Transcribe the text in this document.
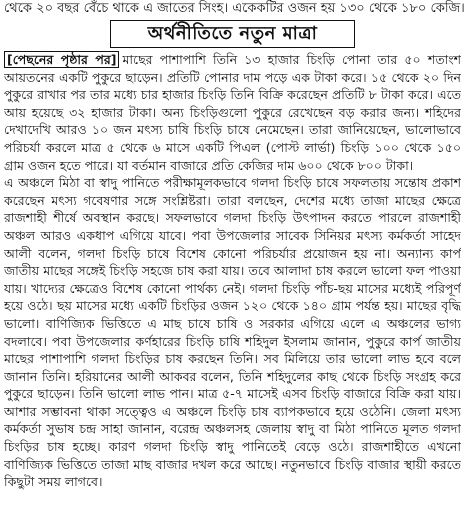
থেকে ২০ বছর বেঁচে থাকে এ জাতের সিংহ। একেকটির ওজন হয় ১৩০ থেকে ১৮০ কেজি।
অর্থনীতিতে নতুন মাত্রা

[পেছনের পৃষ্ঠার পর] মাছের পাশাপাশি তিনি ১৩ হাজার চিংড়ি পোনা তার ৫০ শতাংশ আয়তনের একটি পুকুরে ছাড়েন। প্রতিটি পোনার দাম পড়ে এক টাকা করে। ১৫ থেকে ২০ দিন পুকুরে রাখার পর তার মধ্যে চার হাজার চিংড়ি তিনি বিক্রি করেছেন প্রতিটি ৮ টাকা করে। এতে আয় হয়েছে ৩২ হাজার টাকা। অন্য চিংড়িগুলো পুকুরে রেখেছেন বড় করার জন্য। শহিদের দেখাদেখি আরও ১০ জন মৎস্য চাষি চিংড়ি চাষে নেমেছেন। তারা জানিয়েছেন, ভালোভাবে পরিচর্যা করলে মাত্র ৫ থেকে ৬ মাসে একটি পিএল (পোস্ট লার্ভা) চিংড়ি ১০০ থেকে ১৫০ গ্রাম ওজন হতে পারে। যা বর্তমান বাজারে প্রতি কেজির দাম ৬০০ থেকে ৮০০ টাকা।

এ অঞ্চলে মিঠা বা স্বাদু পানিতে পরীক্ষামূলকভাবে গলদা চিংড়ি চাষে সফলতায় সন্তোষ প্রকাশ করেছেন মৎস্য গবেষণার সঙ্গে সংশ্লিষ্টরা। তারা বলছেন, দেশের মধ্যে তাজা মাছের ক্ষেত্রে রাজশাহী শীর্ষে অবস্থান করছে। সফলভাবে গলদা চিংড়ি উৎপাদন করতে পারলে রাজশাহী অঞ্চল আরও একধাপ এগিয়ে যাবে। পবা উপজেলার সাবেক সিনিয়র মৎস্য কর্মকর্তা সাহেদ আলী বলেন, গলদা চিংড়ি চাষে বিশেষ কোনো পরিচর্যার প্রয়োজন হয় না। অন্যান্য কার্প জাতীয় মাছের সঙ্গেই চিংড়ি সহজে চাষ করা যায়। তবে আলাদা চাষ করলে ভালো ফল পাওয়া যায়। খাদ্যের ক্ষেত্রেও বিশেষ কোনো পার্থক্য নেই। গলদা চিংড়ি পাঁচ-ছয় মাসের মধ্যেই পরিপূর্ণ হয়ে ওঠে। ছয় মাসের মধ্যে একটি চিংড়ির ওজন ১২০ থেকে ১৪০ গ্রাম পর্যন্ত হয়। মাছের বৃদ্ধি ভালো। বাণিজ্যিক ভিত্তিতে এ মাছ চাষে চাষি ও সরকার এগিয়ে এলে এ অঞ্চলের ভাগ্য বদলাবে। পবা উপজেলার কর্ণহারের চিংড়ি চাষি শহিদুল ইসলাম জানান, পুকুরে কার্প জাতীয় মাছের পাশাপাশি গলদা চিংড়ির চাষ করছেন তিনি। সব মিলিয়ে তার ভালো লাভ হবে বলে জানান তিনি। হরিয়ানের আলী আকবর বলেন, তিনি শহিদুলের কাছ থেকে চিংড়ি সংগ্রহ করে পুকুরে ছাড়েন। তিনি ভালো লাভ পান। মাত্র ৫-৭ মাসেই এসব চিংড়ি বাজারে বিক্রি করা যায়। আশার সম্ভাবনা থাকা সত্ত্বেও এ অঞ্চলে চিংড়ি চাষ ব্যাপকভাবে হয়ে ওঠেনি। জেলা মৎস্য কর্মকর্তা সুভাষ চন্দ্র সাহা জানান, বরেন্দ্র অঞ্চলসহ জেলায় স্বাদু বা মিঠা পানিতে মূলত গলদা চিংড়ির চাষ হচ্ছে। কারণ গলদা চিংড়ি স্বাদু পানিতেই বেড়ে ওঠে। রাজশাহীতে এখনো বাণিজ্যিক ভিত্তিতে তাজা মাছ বাজার দখল করে আছে। নতুনভাবে চিংড়ি বাজার স্থায়ী করতে কিছুটা সময় লাগবে।
